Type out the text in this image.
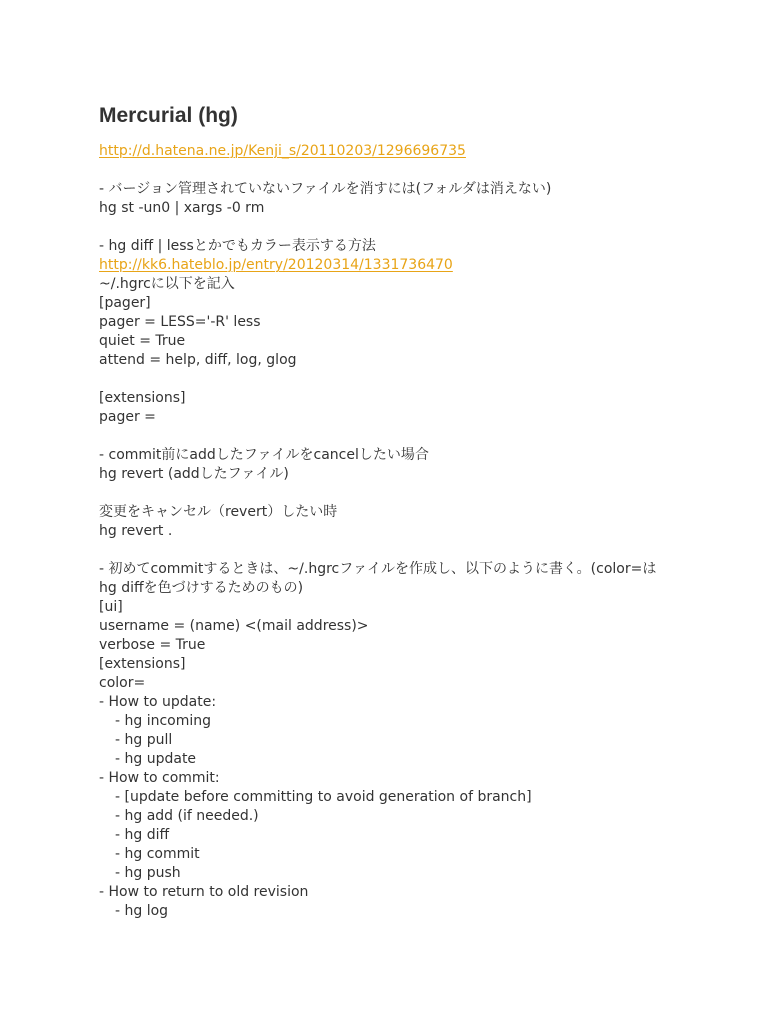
Mercurial (hg)
http://d.hatena.ne.jp/Kenji_s/20110203/1296696735
- バージョン管理されていないファイルを消すには(フォルダは消えない)
hg st -un0 | xargs -0 rm
- hg diff | lessとかでもカラー表示する方法
http://kk6.hateblo.jp/entry/20120314/1331736470
~/.hgrcに以下を記入
[pager]
pager = LESS='-R' less
quiet = True
attend = help, diff, log, glog
[extensions]
pager =
- commit前にaddしたファイルをcancelしたい場合
hg revert (addしたファイル)
変更をキャンセル（revert）したい時
hg revert .
- 初めてcommitするときは、~/.hgrcファイルを作成し、以下のように書く。(color=はhg diffを色づけするためのもの)
[ui]
username = (name) <(mail address)>
verbose = True
[extensions]
color=
- How to update:
- hg incoming
- hg pull
- hg update
- How to commit:
- [update before committing to avoid generation of branch]
- hg add (if needed.)
- hg diff
- hg commit
- hg push
- How to return to old revision
- hg log
